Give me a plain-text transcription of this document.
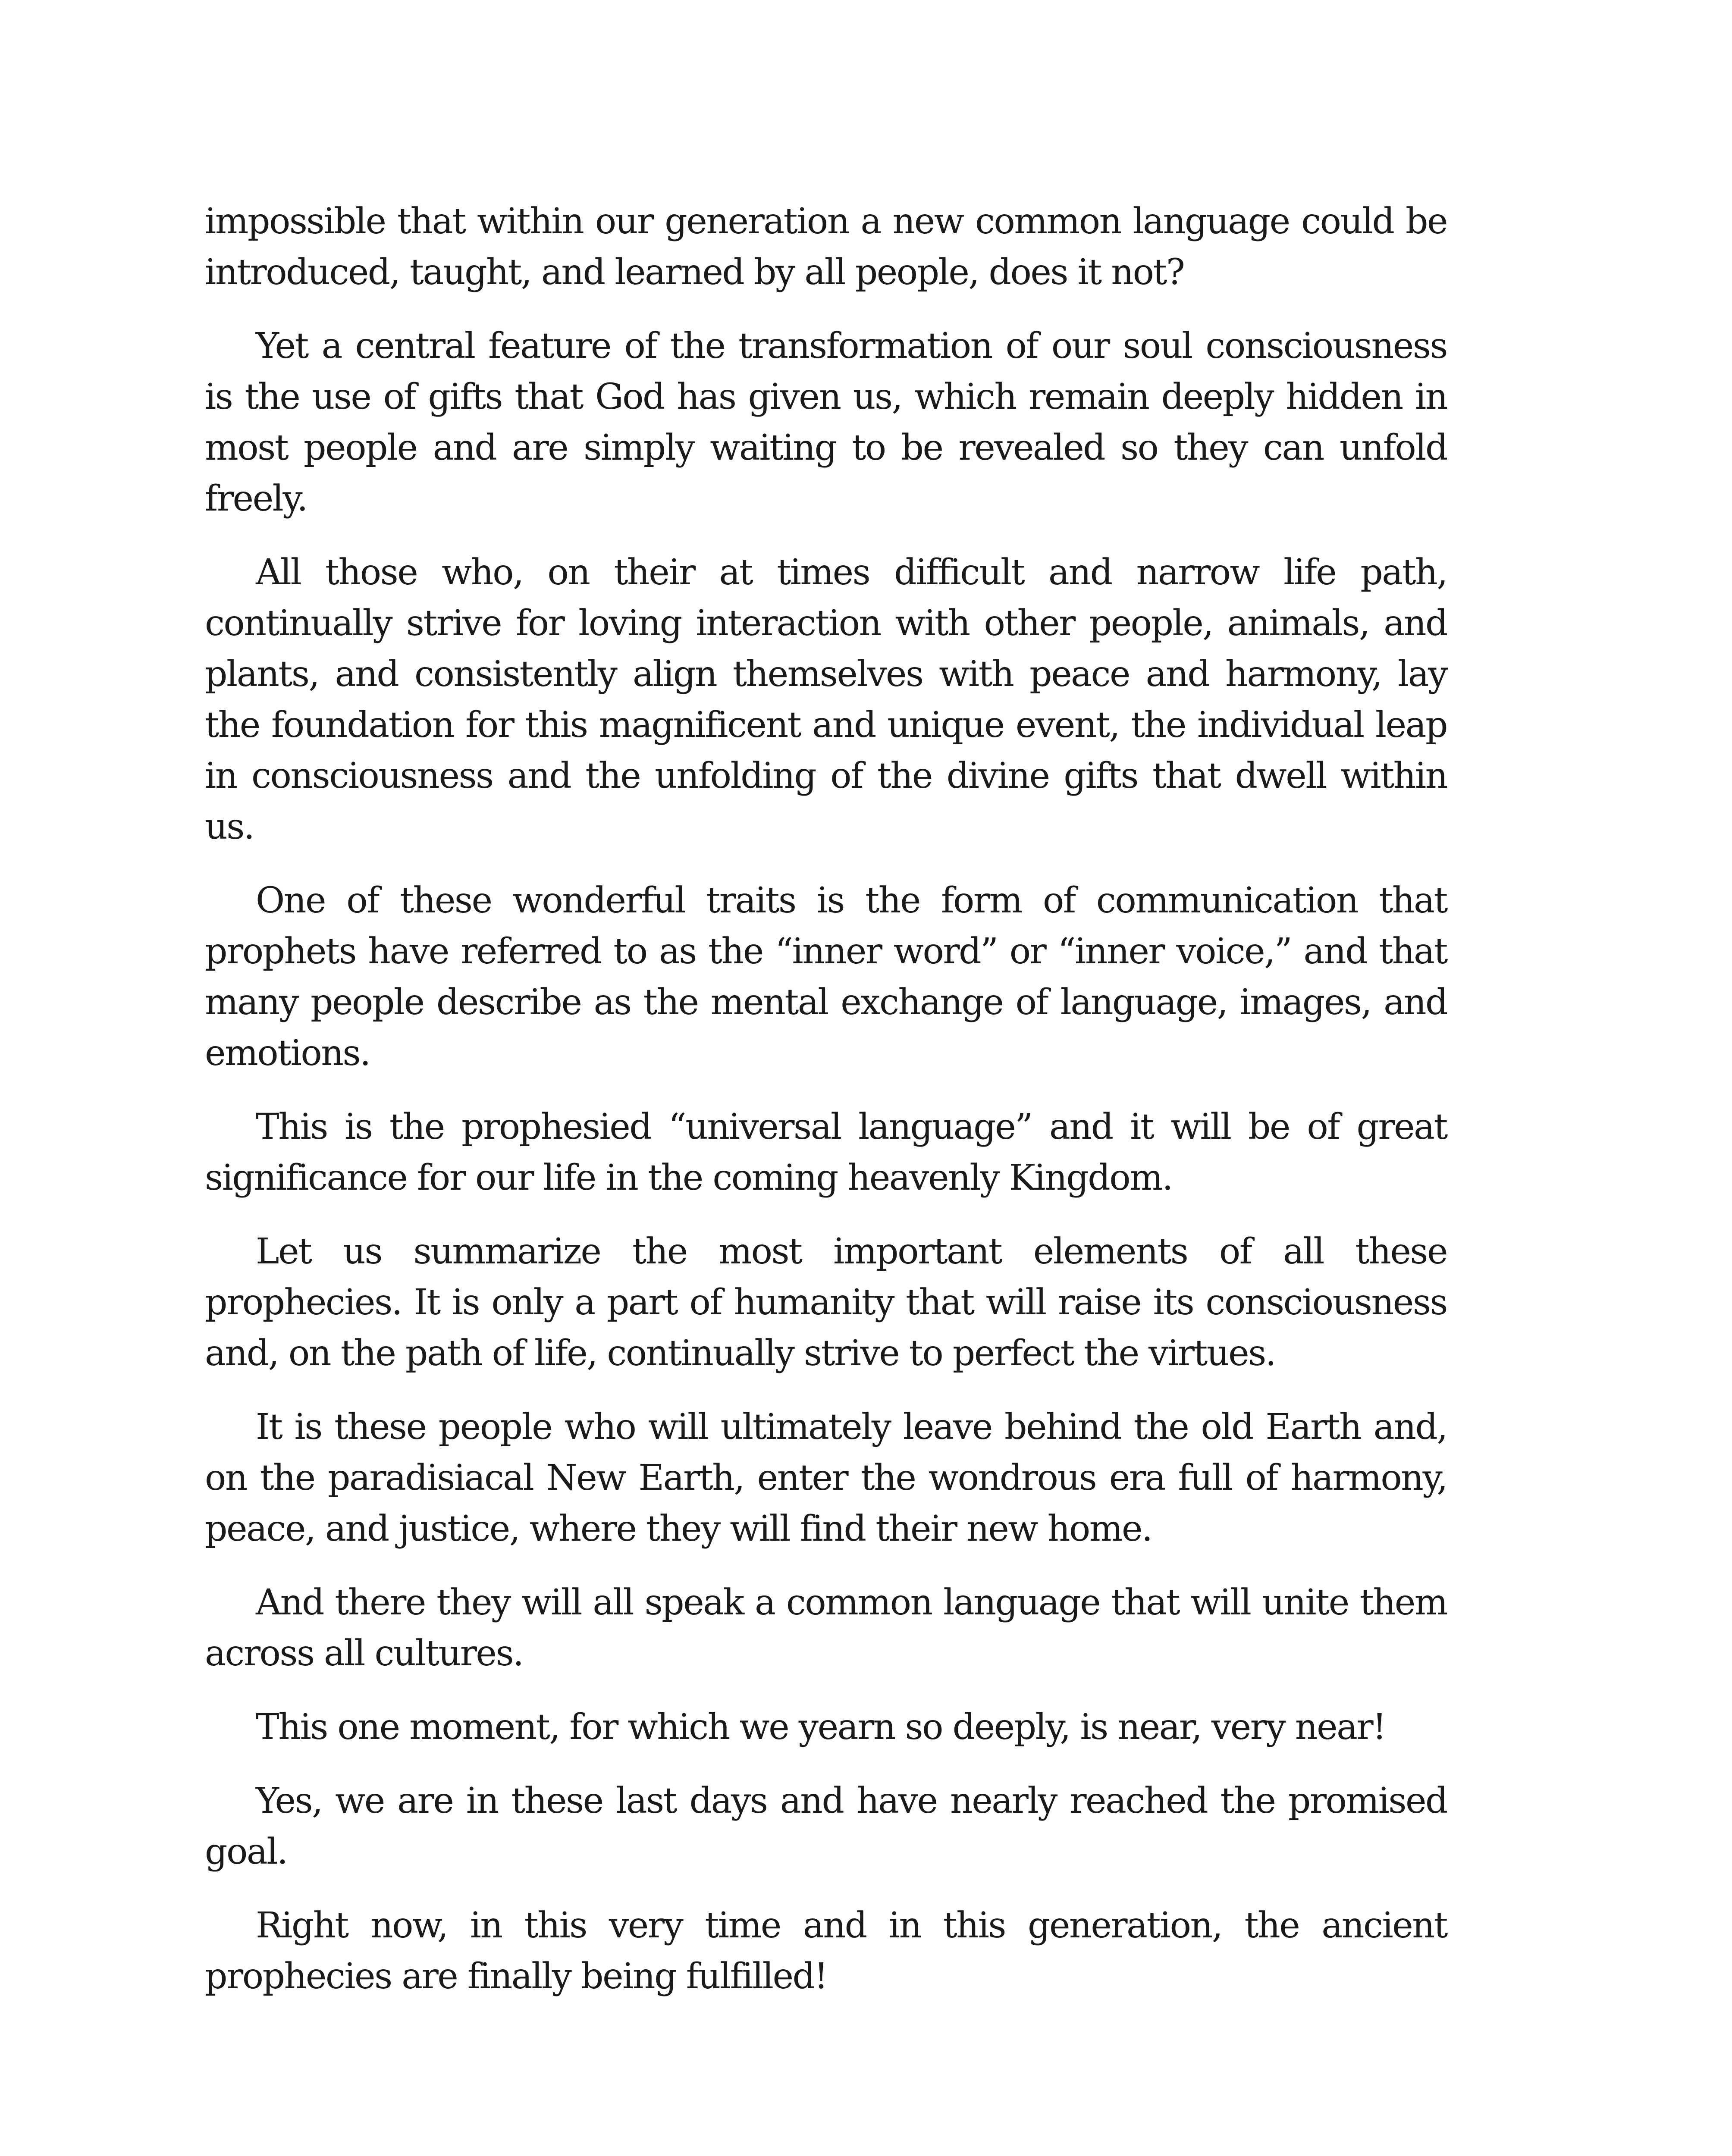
impossible that within our generation a new common language could be introduced, taught, and learned by all people, does it not?

Yet a central feature of the transformation of our soul consciousness is the use of gifts that God has given us, which remain deeply hidden in most people and are simply waiting to be revealed so they can unfold freely.

All those who, on their at times difficult and narrow life path, continually strive for loving interaction with other people, animals, and plants, and consistently align themselves with peace and harmony, lay the foundation for this magnificent and unique event, the individual leap in consciousness and the unfolding of the divine gifts that dwell within us.

One of these wonderful traits is the form of communication that prophets have referred to as the “inner word” or “inner voice,” and that many people describe as the mental exchange of language, images, and emotions.

This is the prophesied “universal language” and it will be of great significance for our life in the coming heavenly Kingdom.

Let us summarize the most important elements of all these prophecies. It is only a part of humanity that will raise its consciousness and, on the path of life, continually strive to perfect the virtues.

It is these people who will ultimately leave behind the old Earth and, on the paradisiacal New Earth, enter the wondrous era full of harmony, peace, and justice, where they will find their new home.

And there they will all speak a common language that will unite them across all cultures.

This one moment, for which we yearn so deeply, is near, very near!

Yes, we are in these last days and have nearly reached the promised goal.

Right now, in this very time and in this generation, the ancient prophecies are finally being fulfilled!
